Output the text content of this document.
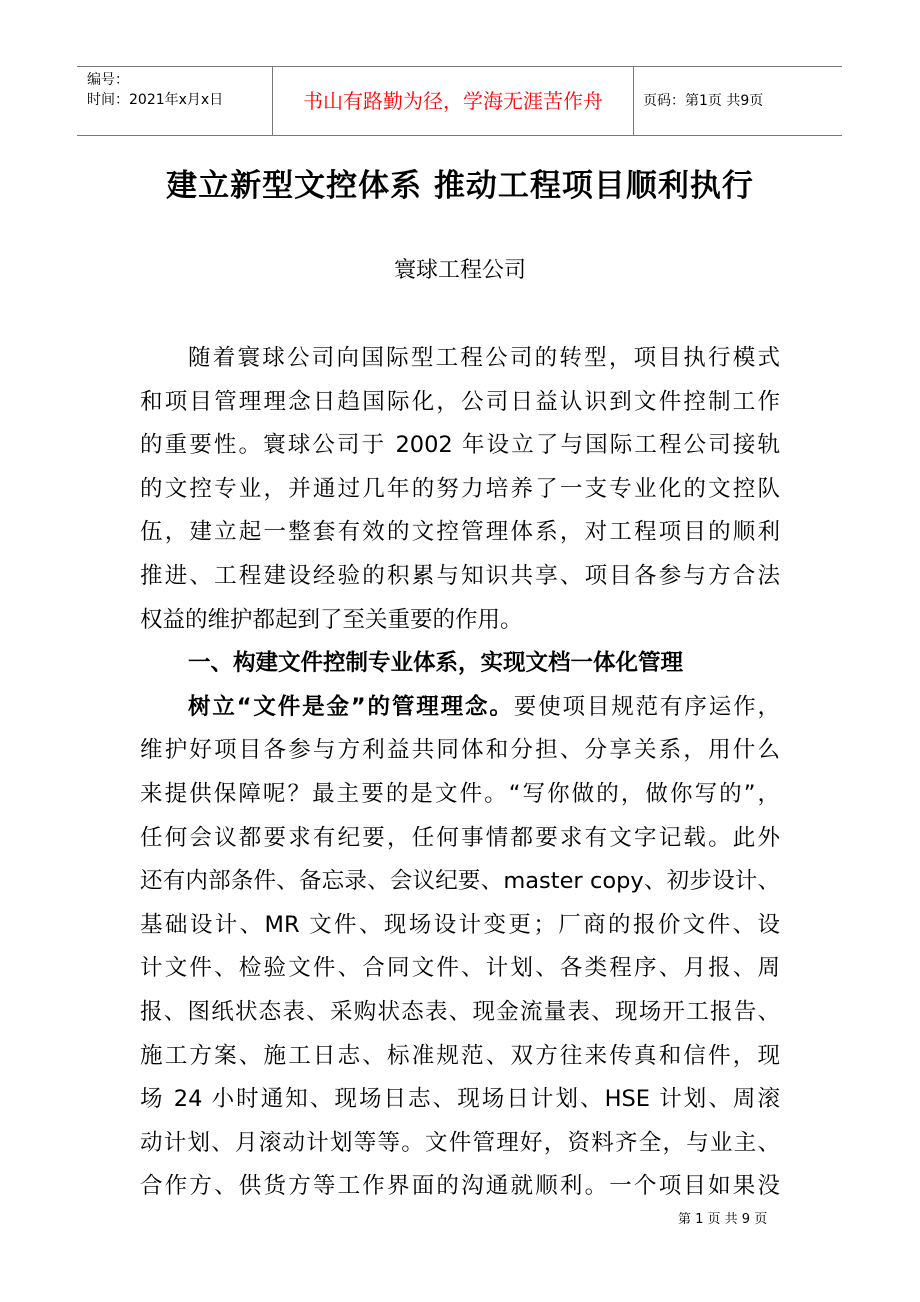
编号：
时间：2021年x月x日	书山有路勤为径，学海无涯苦作舟	页码：第1页 共9页
建立新型文控体系 推动工程项目顺利执行
寰球工程公司
随着寰球公司向国际型工程公司的转型，项目执行模式
和项目管理理念日趋国际化，公司日益认识到文件控制工作
的重要性。寰球公司于 2002 年设立了与国际工程公司接轨
的文控专业，并通过几年的努力培养了一支专业化的文控队
伍，建立起一整套有效的文控管理体系，对工程项目的顺利
推进、工程建设经验的积累与知识共享、项目各参与方合法
权益的维护都起到了至关重要的作用。
一、构建文件控制专业体系，实现文档一体化管理
树立“文件是金”的管理理念。要使项目规范有序运作，
维护好项目各参与方利益共同体和分担、分享关系，用什么
来提供保障呢？最主要的是文件。“写你做的，做你写的”，
任何会议都要求有纪要，任何事情都要求有文字记载。此外
还有内部条件、备忘录、会议纪要、master copy、初步设计、
基础设计、MR 文件、现场设计变更；厂商的报价文件、设
计文件、检验文件、合同文件、计划、各类程序、月报、周
报、图纸状态表、采购状态表、现金流量表、现场开工报告、
施工方案、施工日志、标准规范、双方往来传真和信件，现
场 24 小时通知、现场日志、现场日计划、HSE 计划、周滚
动计划、月滚动计划等等。文件管理好，资料齐全，与业主、
合作方、供货方等工作界面的沟通就顺利。一个项目如果没
第 1 页 共 9 页
